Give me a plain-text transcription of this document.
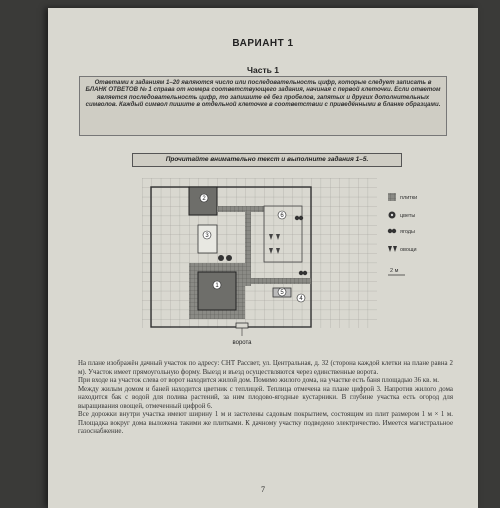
ВАРИАНТ 1
Часть 1
Ответами к заданиям 1–20 являются число или последовательность цифр, которые следует записать в БЛАНК ОТВЕТОВ № 1 справа от номера соответствующего задания, начиная с первой клеточки. Если ответом является последовательность цифр, то запишите её без пробелов, запятых и других дополнительных символов. Каждый символ пишите в отдельной клеточке в соответствии с приведёнными в бланке образцами.
Прочитайте внимательно текст и выполните задания 1–5.
1
2
3
4
5
6
ворота
плитки
цветы
ягоды
овощи
2 м

На плане изображён дачный участок по адресу: СНТ Рассвет, ул. Центральная, д. 32 (сторона каждой клетки на плане равна 2 м). Участок имеет прямоугольную форму. Выезд и въезд осуществляются через единственные ворота.

При входе на участок слева от ворот находится жилой дом. Помимо жилого дома, на участке есть баня площадью 36 кв. м.

Между жилым домом и баней находится цветник с теплицей. Теплица отмечена на плане цифрой 3. Напротив жилого дома находится бак с водой для полива растений, за ним плодово-ягодные кустарники. В глубине участка есть огород для выращивания овощей, отмеченный цифрой 6.

Все дорожки внутри участка имеют ширину 1 м и застелены садовым покрытием, состоящим из плит размером 1 м × 1 м. Площадка вокруг дома выложена такими же плитками. К дачному участку подведено электричество. Имеется магистральное газоснабжение.

7
